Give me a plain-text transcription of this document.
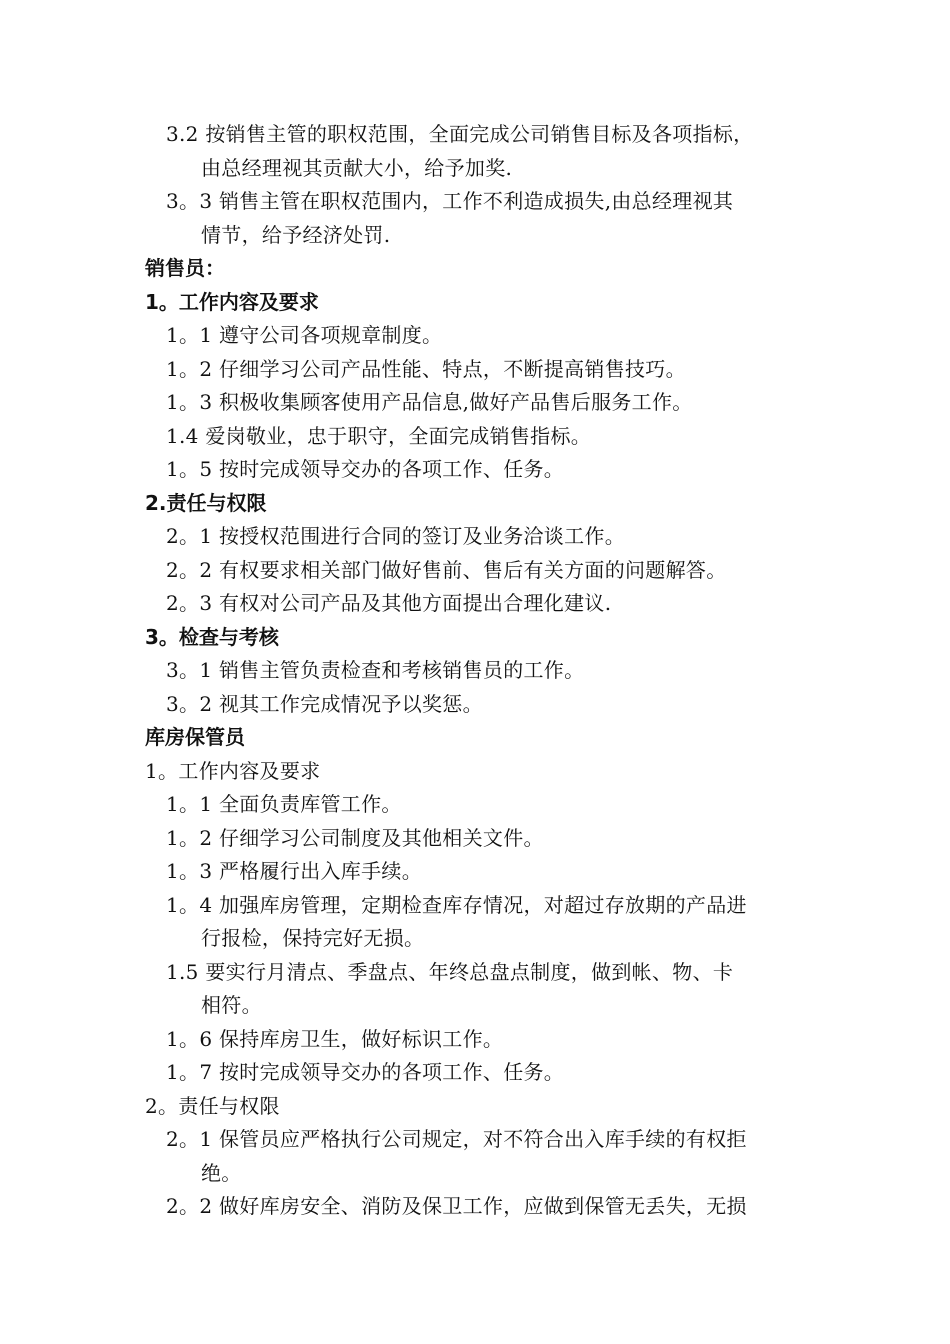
3.2 按销售主管的职权范围，全面完成公司销售目标及各项指标，
由总经理视其贡献大小，给予加奖.
3。3 销售主管在职权范围内，工作不利造成损失,由总经理视其
情节，给予经济处罚.
销售员：
1。工作内容及要求
1。1 遵守公司各项规章制度。
1。2 仔细学习公司产品性能、特点，不断提高销售技巧。
1。3 积极收集顾客使用产品信息,做好产品售后服务工作。
1.4 爱岗敬业，忠于职守，全面完成销售指标。
1。5 按时完成领导交办的各项工作、任务。
2.责任与权限
2。1 按授权范围进行合同的签订及业务洽谈工作。
2。2 有权要求相关部门做好售前、售后有关方面的问题解答。
2。3 有权对公司产品及其他方面提出合理化建议.
3。检查与考核
3。1 销售主管负责检查和考核销售员的工作。
3。2 视其工作完成情况予以奖惩。
库房保管员
1。工作内容及要求
1。1 全面负责库管工作。
1。2 仔细学习公司制度及其他相关文件。
1。3 严格履行出入库手续。
1。4 加强库房管理，定期检查库存情况，对超过存放期的产品进
行报检，保持完好无损。
1.5 要实行月清点、季盘点、年终总盘点制度，做到帐、物、卡
相符。
1。6 保持库房卫生，做好标识工作。
1。7 按时完成领导交办的各项工作、任务。
2。责任与权限
2。1 保管员应严格执行公司规定，对不符合出入库手续的有权拒
绝。
2。2 做好库房安全、消防及保卫工作，应做到保管无丢失，无损
